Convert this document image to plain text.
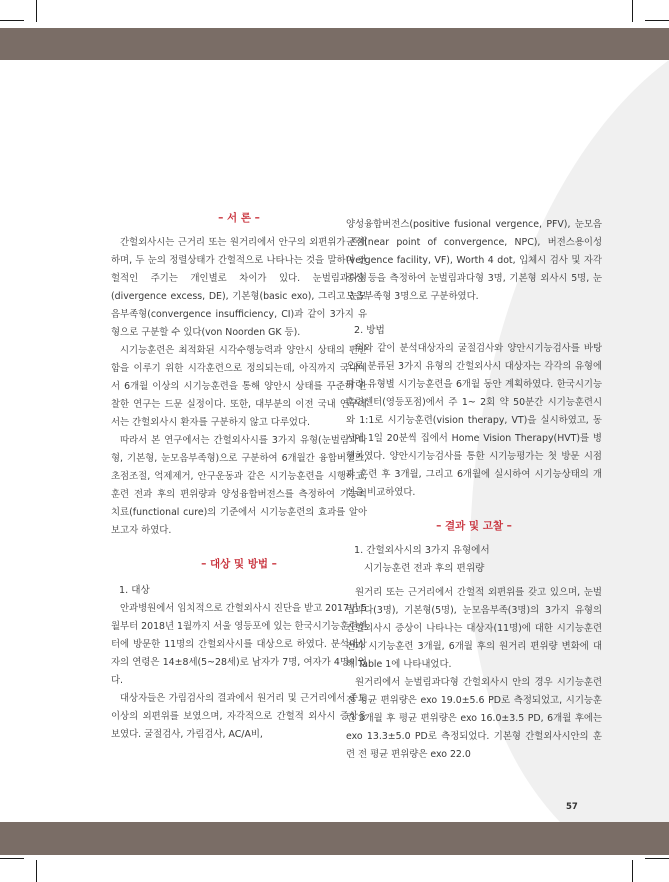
– 서 론 –

간헐외사시는 근거리 또는 원거리에서 안구의 외편위가 존재하며, 두 눈의 정렬상태가 간헐적으로 나타나는 것을 말하며 간헐적인 주기는 개인별로 차이가 있다. 눈벌림과다형(divergence excess, DE), 기본형(basic exo), 그리고 눈모음부족형(convergence insufficiency, CI)과 같이 3가지 유형으로 구분할 수 있다(von Noorden GK 등).

시기능훈련은 최적화된 시각수행능력과 양안시 상태의 편안함을 이루기 위한 시각훈련으로 정의되는데, 아직까지 국내에서 6개월 이상의 시기능훈련을 통해 양안시 상태를 꾸준히 관찰한 연구는 드문 실정이다. 또한, 대부분의 이전 국내 연구에서는 간헐외사시 환자를 구분하지 않고 다루었다.

따라서 본 연구에서는 간헐외사시를 3가지 유형(눈벌림과다형, 기본형, 눈모음부족형)으로 구분하여 6개월간 융합버전스, 초점조절, 억제제거, 안구운동과 같은 시기능훈련을 시행하고, 훈련 전과 후의 편위량과 양성융합버전스를 측정하여 기능적 치료(functional cure)의 기준에서 시기능훈련의 효과를 알아보고자 하였다.

– 대상 및 방법 –
1. 대상

안과병원에서 임치적으로 간헐외사시 진단을 받고 2017년 5월부터 2018년 1월까지 서울 영등포에 있는 한국시기능훈련센터에 방문한 11명의 간헐외사시를 대상으로 하였다. 분석대상자의 연령은 14±8세(5~28세)로 남자가 7명, 여자가 4명이었다.

대상자들은 가림검사의 결과에서 원거리 및 근거리에서 중도 이상의 외편위를 보였으며, 자각적으로 간헐적 외사시 증상을 보였다. 굴절검사, 가림검사, AC/A비,

양성융합버전스(positive fusional vergence, PFV), 눈모음근점(near point of convergence, NPC), 버전스용이성(vergence facility, VF), Worth 4 dot, 입체시 검사 및 자각증상 등을 측정하여 눈벌림과다형 3명, 기본형 외사시 5명, 눈모음부족형 3명으로 구분하였다.

2. 방법

위와 같이 분석대상자의 굴절검사와 양안시기능검사를 바탕으로 분류된 3가지 유형의 간헐외사시 대상자는 각각의 유형에 따라 유형별 시기능훈련을 6개월 동안 계획하였다. 한국시기능훈련센터(영등포점)에서 주 1~ 2회 약 50분간 시기능훈련시와 1:1로 시기능훈련(vision therapy, VT)을 실시하였고, 동시에 1일 20분씩 집에서 Home Vision Therapy(HVT)를 병행하였다. 양안시기능검사를 통한 시기능평가는 첫 방문 시점과 훈련 후 3개월, 그리고 6개월에 실시하여 시기능상태의 개선을 비교하였다.

– 결과 및 고찰 –
1. 간헐외사시의 3가지 유형에서
시기능훈련 전과 후의 편위량

원거리 또는 근거리에서 간헐적 외편위를 갖고 있으며, 눈벌림과다(3명), 기본형(5명), 눈모음부족(3명)의 3가지 유형의 간헐외사시 증상이 나타나는 대상자(11명)에 대한 시기능훈련 전과 시기능훈련 3개월, 6개월 후의 원거리 편위량 변화에 대해 Table 1에 나타내었다.

원거리에서 눈벌림과다형 간헐외사시 안의 경우 시기능훈련 전 평균 편위량은 exo 19.0±5.6 PD로 측정되었고, 시기능훈련 3개월 후 평균 편위량은 exo 16.0±3.5 PD, 6개월 후에는 exo 13.3±5.0 PD로 측정되었다. 기본형 간헐외사시안의 훈련 전 평균 편위량은 exo 22.0

57
